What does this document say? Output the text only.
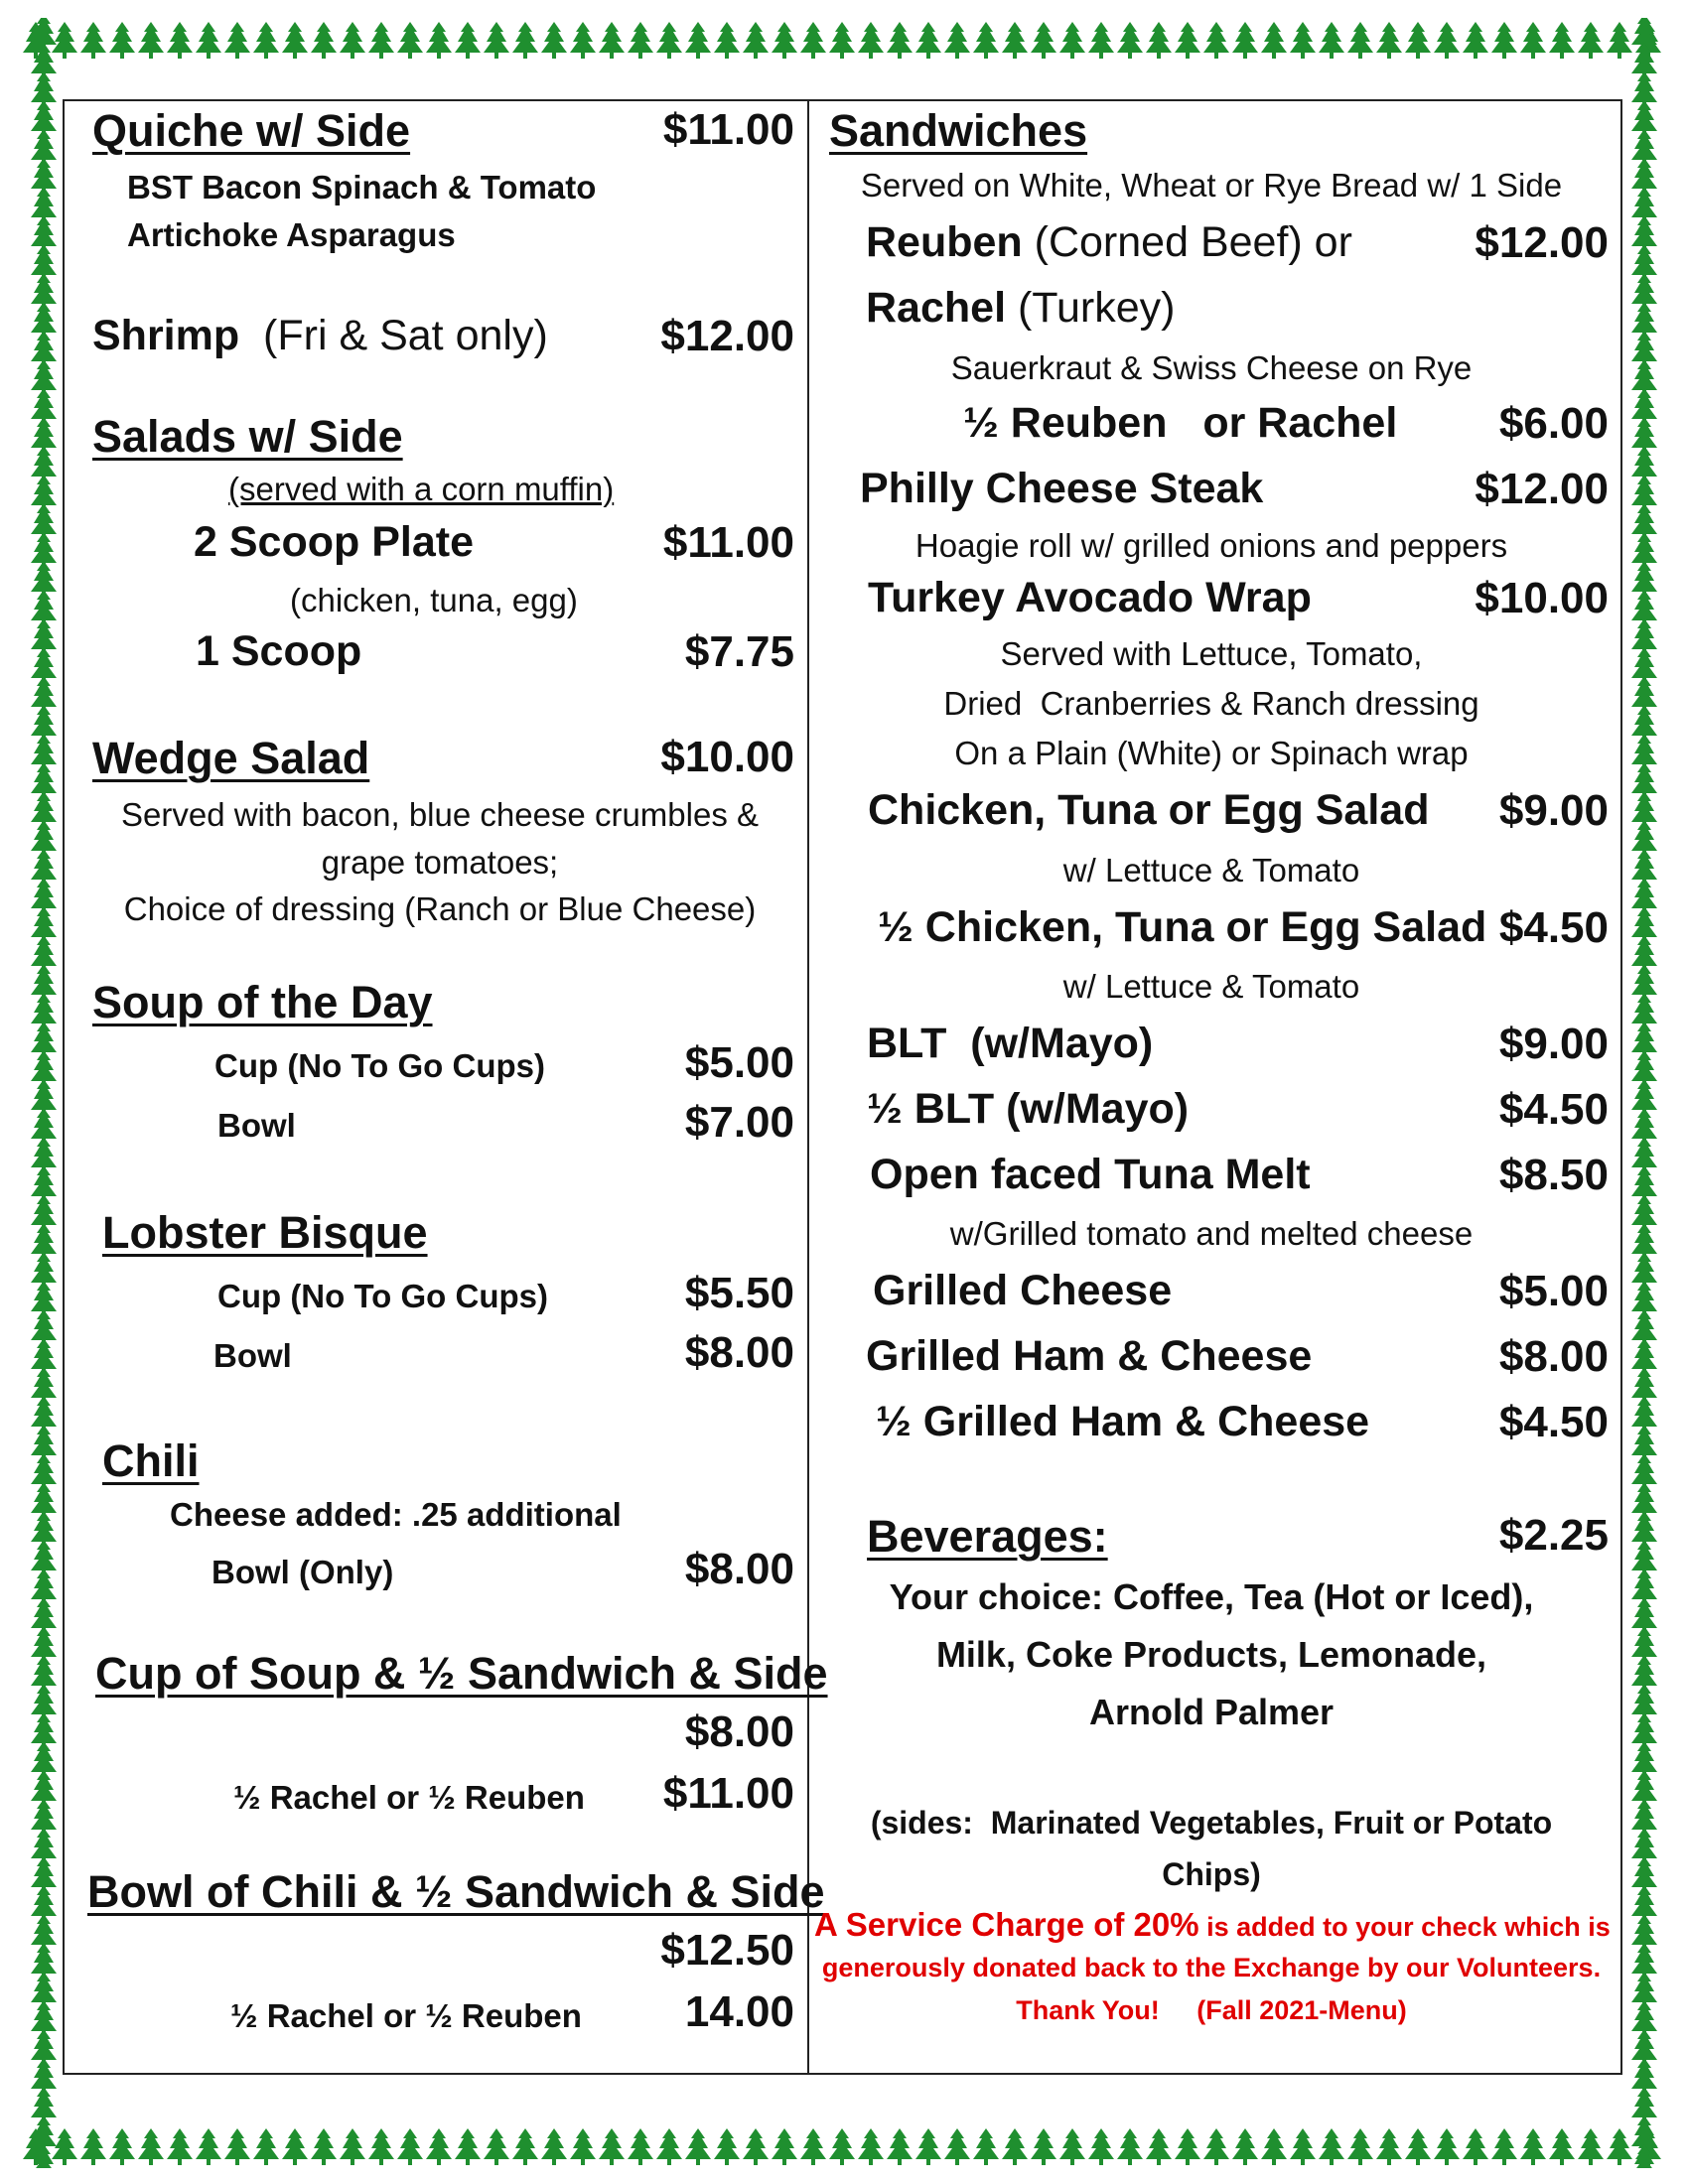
Quiche w/ Side	$11.00
BST Bacon Spinach & Tomato
Artichoke Asparagus
Shrimp (Fri & Sat only)	$12.00
Salads w/ Side
(served with a corn muffin)
2 Scoop Plate	$11.00
(chicken, tuna, egg)
1 Scoop	$7.75
Wedge Salad	$10.00
Served with bacon, blue cheese crumbles &
grape tomatoes;
Choice of dressing (Ranch or Blue Cheese)
Soup of the Day
Cup (No To Go Cups)	$5.00
Bowl	$7.00
Lobster Bisque
Cup (No To Go Cups)	$5.50
Bowl	$8.00
Chili
Cheese added: .25 additional
Bowl (Only)	$8.00
Cup of Soup & ½ Sandwich & Side
$8.00
½ Rachel or ½ Reuben	$11.00
Bowl of Chili & ½ Sandwich & Side
$12.50
½ Rachel or ½ Reuben	14.00
Sandwiches
Served on White, Wheat or Rye Bread w/ 1 Side
Reuben (Corned Beef) or	$12.00
Rachel (Turkey)
Sauerkraut & Swiss Cheese on Rye
½ Reuben   or Rachel	$6.00
Philly Cheese Steak	$12.00
Hoagie roll w/ grilled onions and peppers
Turkey Avocado Wrap	$10.00
Served with Lettuce, Tomato,
Dried  Cranberries & Ranch dressing
On a Plain (White) or Spinach wrap
Chicken, Tuna or Egg Salad	$9.00
w/ Lettuce & Tomato
½ Chicken, Tuna or Egg Salad $4.50
w/ Lettuce & Tomato
BLT  (w/Mayo)	$9.00
½ BLT (w/Mayo)	$4.50
Open faced Tuna Melt	$8.50
w/Grilled tomato and melted cheese
Grilled Cheese	$5.00
Grilled Ham & Cheese	$8.00
½ Grilled Ham & Cheese	$4.50
Beverages:	$2.25
Your choice: Coffee, Tea (Hot or Iced),
Milk, Coke Products, Lemonade,
Arnold Palmer
(sides:  Marinated Vegetables, Fruit or Potato
Chips)
A Service Charge of 20% is added to your check which is
generously donated back to the Exchange by our Volunteers.
Thank You!     (Fall 2021-Menu)
